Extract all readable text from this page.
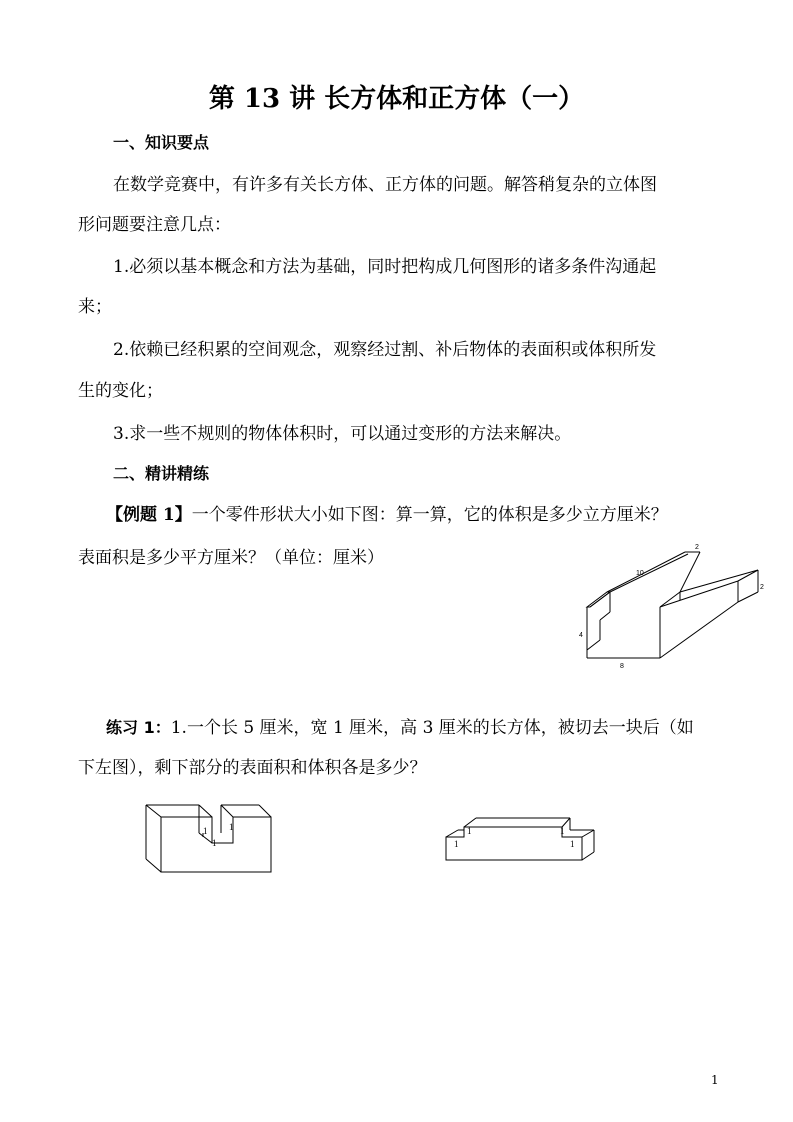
第 13 讲 长方体和正方体（一）
一、知识要点
在数学竞赛中，有许多有关长方体、正方体的问题。解答稍复杂的立体图
形问题要注意几点：
1.必须以基本概念和方法为基础，同时把构成几何图形的诸多条件沟通起
来；
2.依赖已经积累的空间观念，观察经过割、补后物体的表面积或体积所发
生的变化；
3.求一些不规则的物体体积时，可以通过变形的方法来解决。
二、精讲精练
【例题 1】一个零件形状大小如下图：算一算，它的体积是多少立方厘米？
表面积是多少平方厘米？（单位：厘米）
2
10
2
4
8
练习 1：1.一个长 5 厘米，宽 1 厘米，高 3 厘米的长方体，被切去一块后（如
下左图），剩下部分的表面积和体积各是多少？
1 1
1
1	1
1	1
1
